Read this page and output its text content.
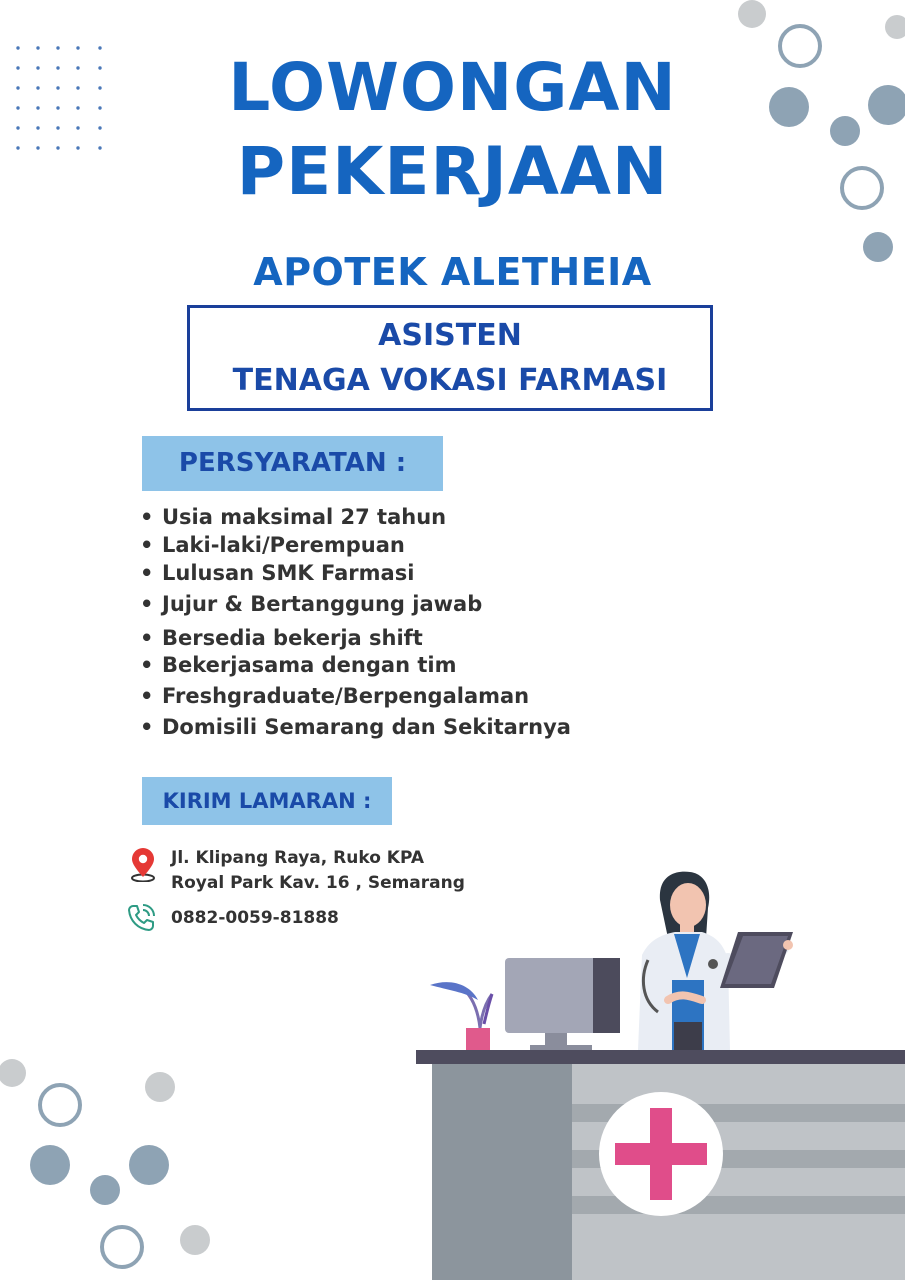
LOWONGAN
PEKERJAAN
APOTEK ALETHEIA
ASISTEN
TENAGA VOKASI FARMASI
PERSYARATAN :
• Usia maksimal 27 tahun
• Laki-laki/Perempuan
• Lulusan SMK Farmasi
• Jujur & Bertanggung jawab
• Bersedia bekerja shift
• Bekerjasama dengan tim
• Freshgraduate/Berpengalaman
• Domisili Semarang dan Sekitarnya
KIRIM LAMARAN :
Jl. Klipang Raya, Ruko KPA
Royal Park Kav. 16 , Semarang
0882-0059-81888
